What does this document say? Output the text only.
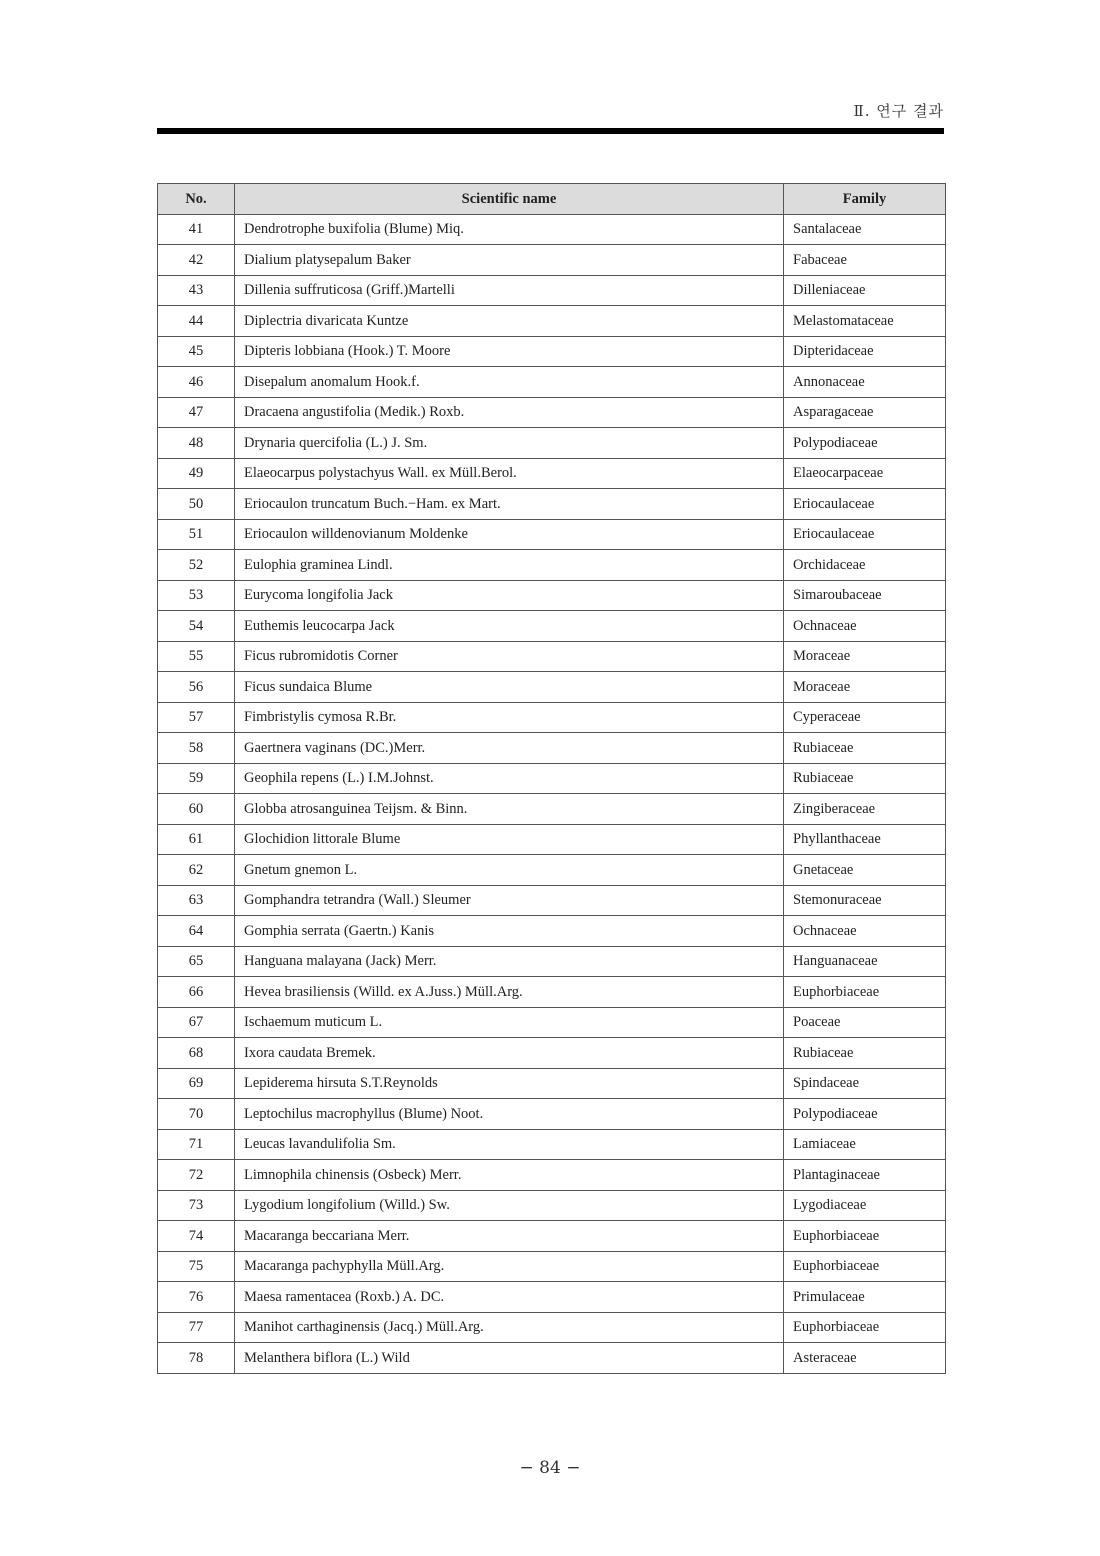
Ⅱ. 연구 결과
No.	Scientific name	Family
41	Dendrotrophe buxifolia (Blume) Miq.	Santalaceae
42	Dialium platysepalum Baker	Fabaceae
43	Dillenia suffruticosa (Griff.)Martelli	Dilleniaceae
44	Diplectria divaricata Kuntze	Melastomataceae
45	Dipteris lobbiana (Hook.) T. Moore	Dipteridaceae
46	Disepalum anomalum Hook.f.	Annonaceae
47	Dracaena angustifolia (Medik.) Roxb.	Asparagaceae
48	Drynaria quercifolia (L.) J. Sm.	Polypodiaceae
49	Elaeocarpus polystachyus Wall. ex Müll.Berol.	Elaeocarpaceae
50	Eriocaulon truncatum Buch.−Ham. ex Mart.	Eriocaulaceae
51	Eriocaulon willdenovianum Moldenke	Eriocaulaceae
52	Eulophia graminea Lindl.	Orchidaceae
53	Eurycoma longifolia Jack	Simaroubaceae
54	Euthemis leucocarpa Jack	Ochnaceae
55	Ficus rubromidotis Corner	Moraceae
56	Ficus sundaica Blume	Moraceae
57	Fimbristylis cymosa R.Br.	Cyperaceae
58	Gaertnera vaginans (DC.)Merr.	Rubiaceae
59	Geophila repens (L.) I.M.Johnst.	Rubiaceae
60	Globba atrosanguinea Teijsm. & Binn.	Zingiberaceae
61	Glochidion littorale Blume	Phyllanthaceae
62	Gnetum gnemon L.	Gnetaceae
63	Gomphandra tetrandra (Wall.) Sleumer	Stemonuraceae
64	Gomphia serrata (Gaertn.) Kanis	Ochnaceae
65	Hanguana malayana (Jack) Merr.	Hanguanaceae
66	Hevea brasiliensis (Willd. ex A.Juss.) Müll.Arg.	Euphorbiaceae
67	Ischaemum muticum L.	Poaceae
68	Ixora caudata Bremek.	Rubiaceae
69	Lepiderema hirsuta S.T.Reynolds	Spindaceae
70	Leptochilus macrophyllus (Blume) Noot.	Polypodiaceae
71	Leucas lavandulifolia Sm.	Lamiaceae
72	Limnophila chinensis (Osbeck) Merr.	Plantaginaceae
73	Lygodium longifolium (Willd.) Sw.	Lygodiaceae
74	Macaranga beccariana Merr.	Euphorbiaceae
75	Macaranga pachyphylla Müll.Arg.	Euphorbiaceae
76	Maesa ramentacea (Roxb.) A. DC.	Primulaceae
77	Manihot carthaginensis (Jacq.) Müll.Arg.	Euphorbiaceae
78	Melanthera biflora (L.) Wild	Asteraceae
− 84 −
